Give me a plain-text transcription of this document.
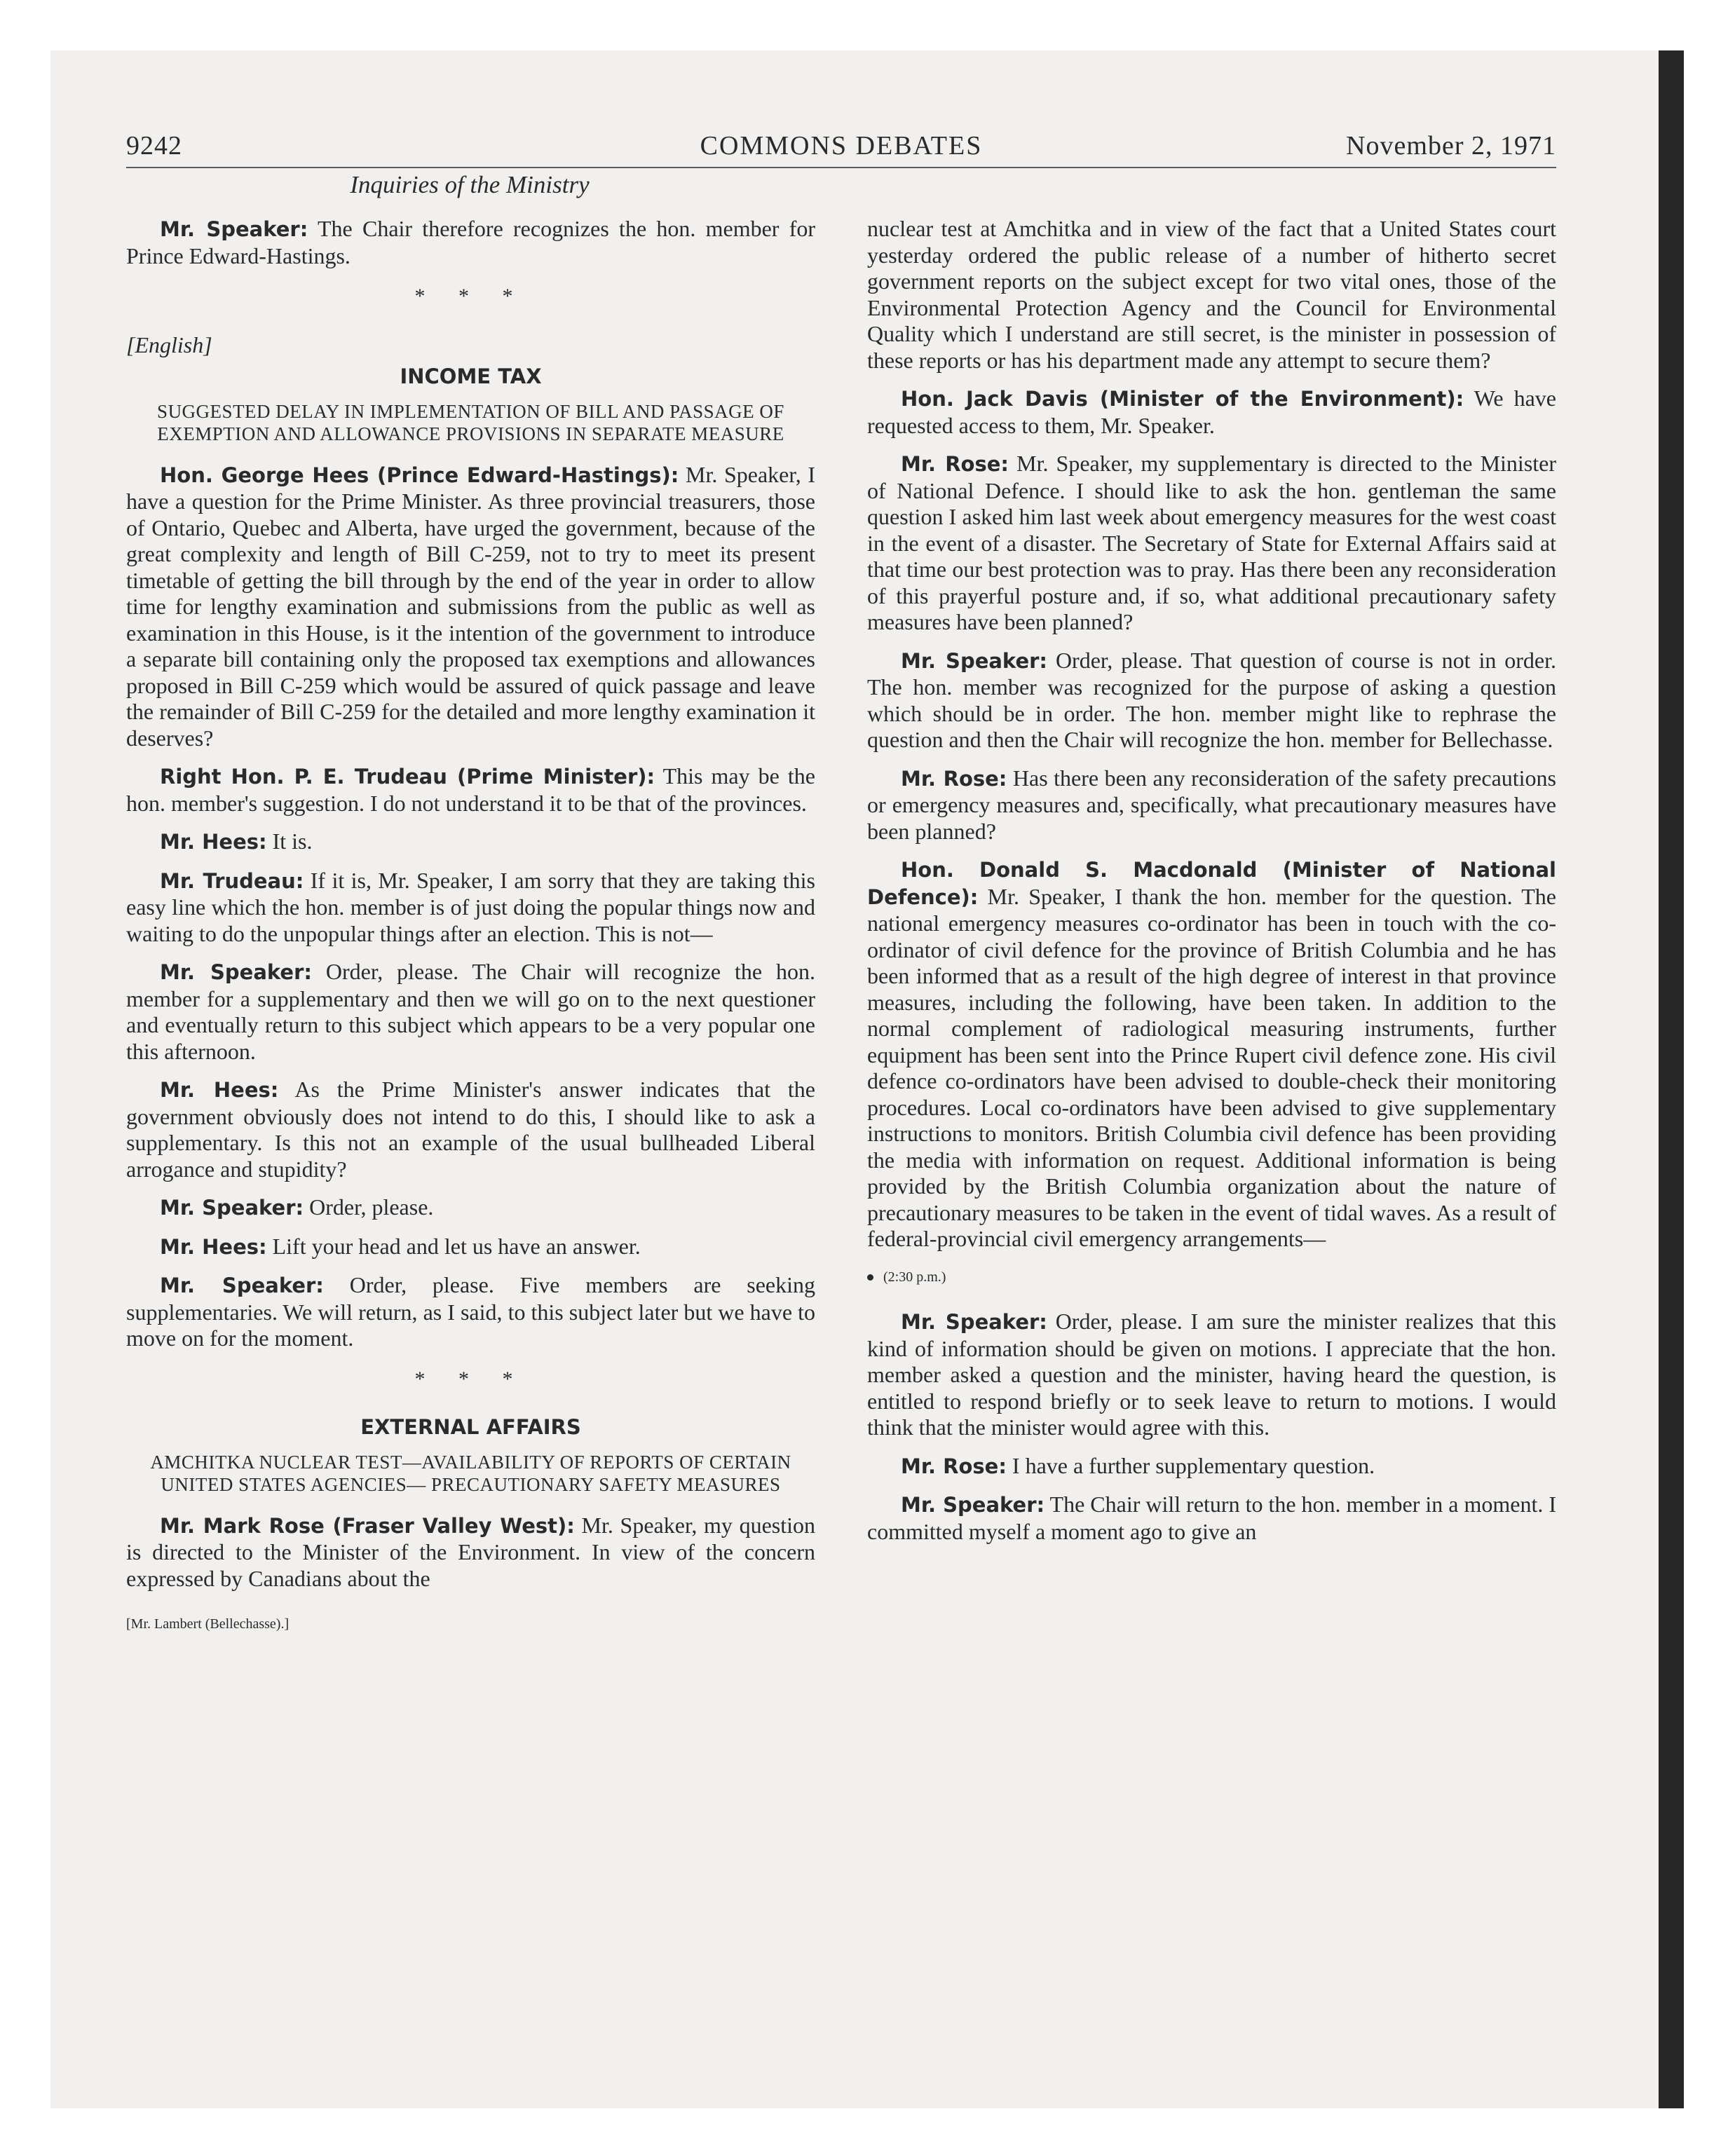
9242	COMMONS DEBATES	November 2, 1971
Inquiries of the Ministry

Mr. Speaker: The Chair therefore recognizes the hon. member for Prince Edward-Hastings.

* * *
[English]
INCOME TAX
SUGGESTED DELAY IN IMPLEMENTATION OF BILL AND PASSAGE OF EXEMPTION AND ALLOWANCE PROVISIONS IN SEPARATE MEASURE

Hon. George Hees (Prince Edward-Hastings): Mr. Speaker, I have a question for the Prime Minister. As three provincial treasurers, those of Ontario, Quebec and Alberta, have urged the government, because of the great complexity and length of Bill C-259, not to try to meet its present timetable of getting the bill through by the end of the year in order to allow time for lengthy examination and submissions from the public as well as examination in this House, is it the intention of the government to introduce a separate bill containing only the proposed tax exemptions and allowances proposed in Bill C-259 which would be assured of quick passage and leave the remainder of Bill C-259 for the detailed and more lengthy examination it deserves?

Right Hon. P. E. Trudeau (Prime Minister): This may be the hon. member's suggestion. I do not understand it to be that of the provinces.

Mr. Hees: It is.

Mr. Trudeau: If it is, Mr. Speaker, I am sorry that they are taking this easy line which the hon. member is of just doing the popular things now and waiting to do the unpopular things after an election. This is not—

Mr. Speaker: Order, please. The Chair will recognize the hon. member for a supplementary and then we will go on to the next questioner and eventually return to this subject which appears to be a very popular one this afternoon.

Mr. Hees: As the Prime Minister's answer indicates that the government obviously does not intend to do this, I should like to ask a supplementary. Is this not an example of the usual bullheaded Liberal arrogance and stupidity?

Mr. Speaker: Order, please.

Mr. Hees: Lift your head and let us have an answer.

Mr. Speaker: Order, please. Five members are seeking supplementaries. We will return, as I said, to this subject later but we have to move on for the moment.

* * *
EXTERNAL AFFAIRS
AMCHITKA NUCLEAR TEST—AVAILABILITY OF REPORTS OF CERTAIN UNITED STATES AGENCIES— PRECAUTIONARY SAFETY MEASURES

Mr. Mark Rose (Fraser Valley West): Mr. Speaker, my question is directed to the Minister of the Environment. In view of the concern expressed by Canadians about the

[Mr. Lambert (Bellechasse).]

nuclear test at Amchitka and in view of the fact that a United States court yesterday ordered the public release of a number of hitherto secret government reports on the subject except for two vital ones, those of the Environmental Protection Agency and the Council for Environmental Quality which I understand are still secret, is the minister in possession of these reports or has his department made any attempt to secure them?

Hon. Jack Davis (Minister of the Environment): We have requested access to them, Mr. Speaker.

Mr. Rose: Mr. Speaker, my supplementary is directed to the Minister of National Defence. I should like to ask the hon. gentleman the same question I asked him last week about emergency measures for the west coast in the event of a disaster. The Secretary of State for External Affairs said at that time our best protection was to pray. Has there been any reconsideration of this prayerful posture and, if so, what additional precautionary safety measures have been planned?

Mr. Speaker: Order, please. That question of course is not in order. The hon. member was recognized for the purpose of asking a question which should be in order. The hon. member might like to rephrase the question and then the Chair will recognize the hon. member for Bellechasse.

Mr. Rose: Has there been any reconsideration of the safety precautions or emergency measures and, specifically, what precautionary measures have been planned?

Hon. Donald S. Macdonald (Minister of National Defence): Mr. Speaker, I thank the hon. member for the question. The national emergency measures co-ordinator has been in touch with the co-ordinator of civil defence for the province of British Columbia and he has been informed that as a result of the high degree of interest in that province measures, including the following, have been taken. In addition to the normal complement of radiological measuring instruments, further equipment has been sent into the Prince Rupert civil defence zone. His civil defence co-ordinators have been advised to double-check their monitoring procedures. Local co-ordinators have been advised to give supplementary instructions to monitors. British Columbia civil defence has been providing the media with information on request. Additional information is being provided by the British Columbia organization about the nature of precautionary measures to be taken in the event of tidal waves. As a result of federal-provincial civil emergency arrangements—

(2:30 p.m.)

Mr. Speaker: Order, please. I am sure the minister realizes that this kind of information should be given on motions. I appreciate that the hon. member asked a question and the minister, having heard the question, is entitled to respond briefly or to seek leave to return to motions. I would think that the minister would agree with this.

Mr. Rose: I have a further supplementary question.

Mr. Speaker: The Chair will return to the hon. member in a moment. I committed myself a moment ago to give an
